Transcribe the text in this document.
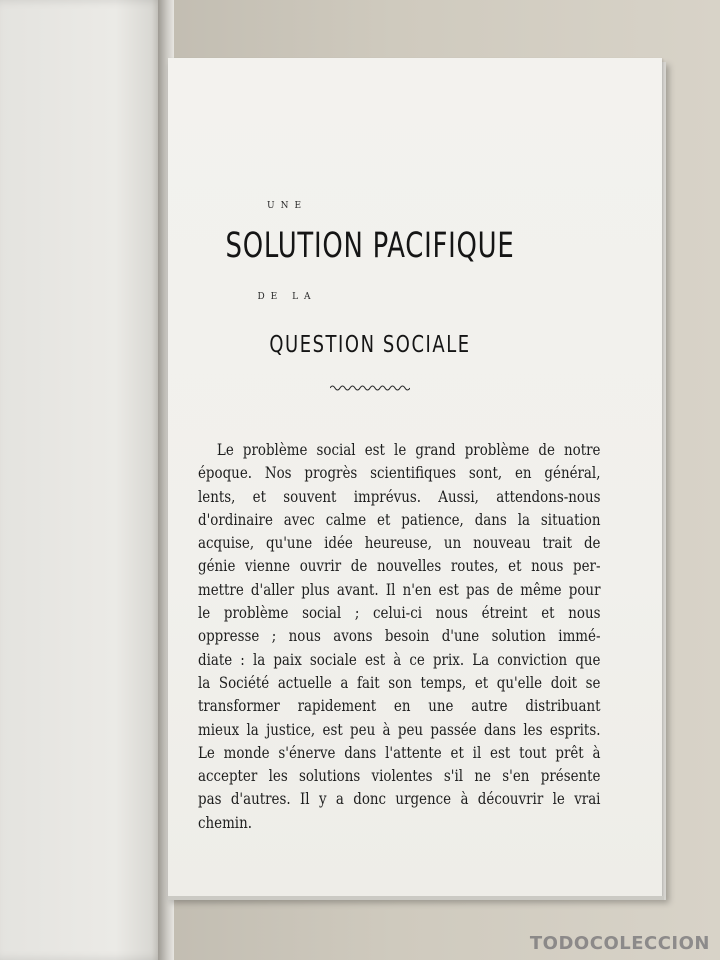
UNE
SOLUTION PACIFIQUE
DE LA
QUESTION SOCIALE
Le problème social est le grand problème de notre
époque. Nos progrès scientifiques sont, en général,
lents, et souvent imprévus. Aussi, attendons-nous
d'ordinaire avec calme et patience, dans la situation
acquise, qu'une idée heureuse, un nouveau trait de
génie vienne ouvrir de nouvelles routes, et nous per-
mettre d'aller plus avant. Il n'en est pas de même pour
le problème social ; celui-ci nous étreint et nous
oppresse ; nous avons besoin d'une solution immé-
diate : la paix sociale est à ce prix. La conviction que
la Société actuelle a fait son temps, et qu'elle doit se
transformer rapidement en une autre distribuant
mieux la justice, est peu à peu passée dans les esprits.
Le monde s'énerve dans l'attente et il est tout prêt à
accepter les solutions violentes s'il ne s'en présente
pas d'autres. Il y a donc urgence à découvrir le vrai
chemin.
TODOCOLECCION
